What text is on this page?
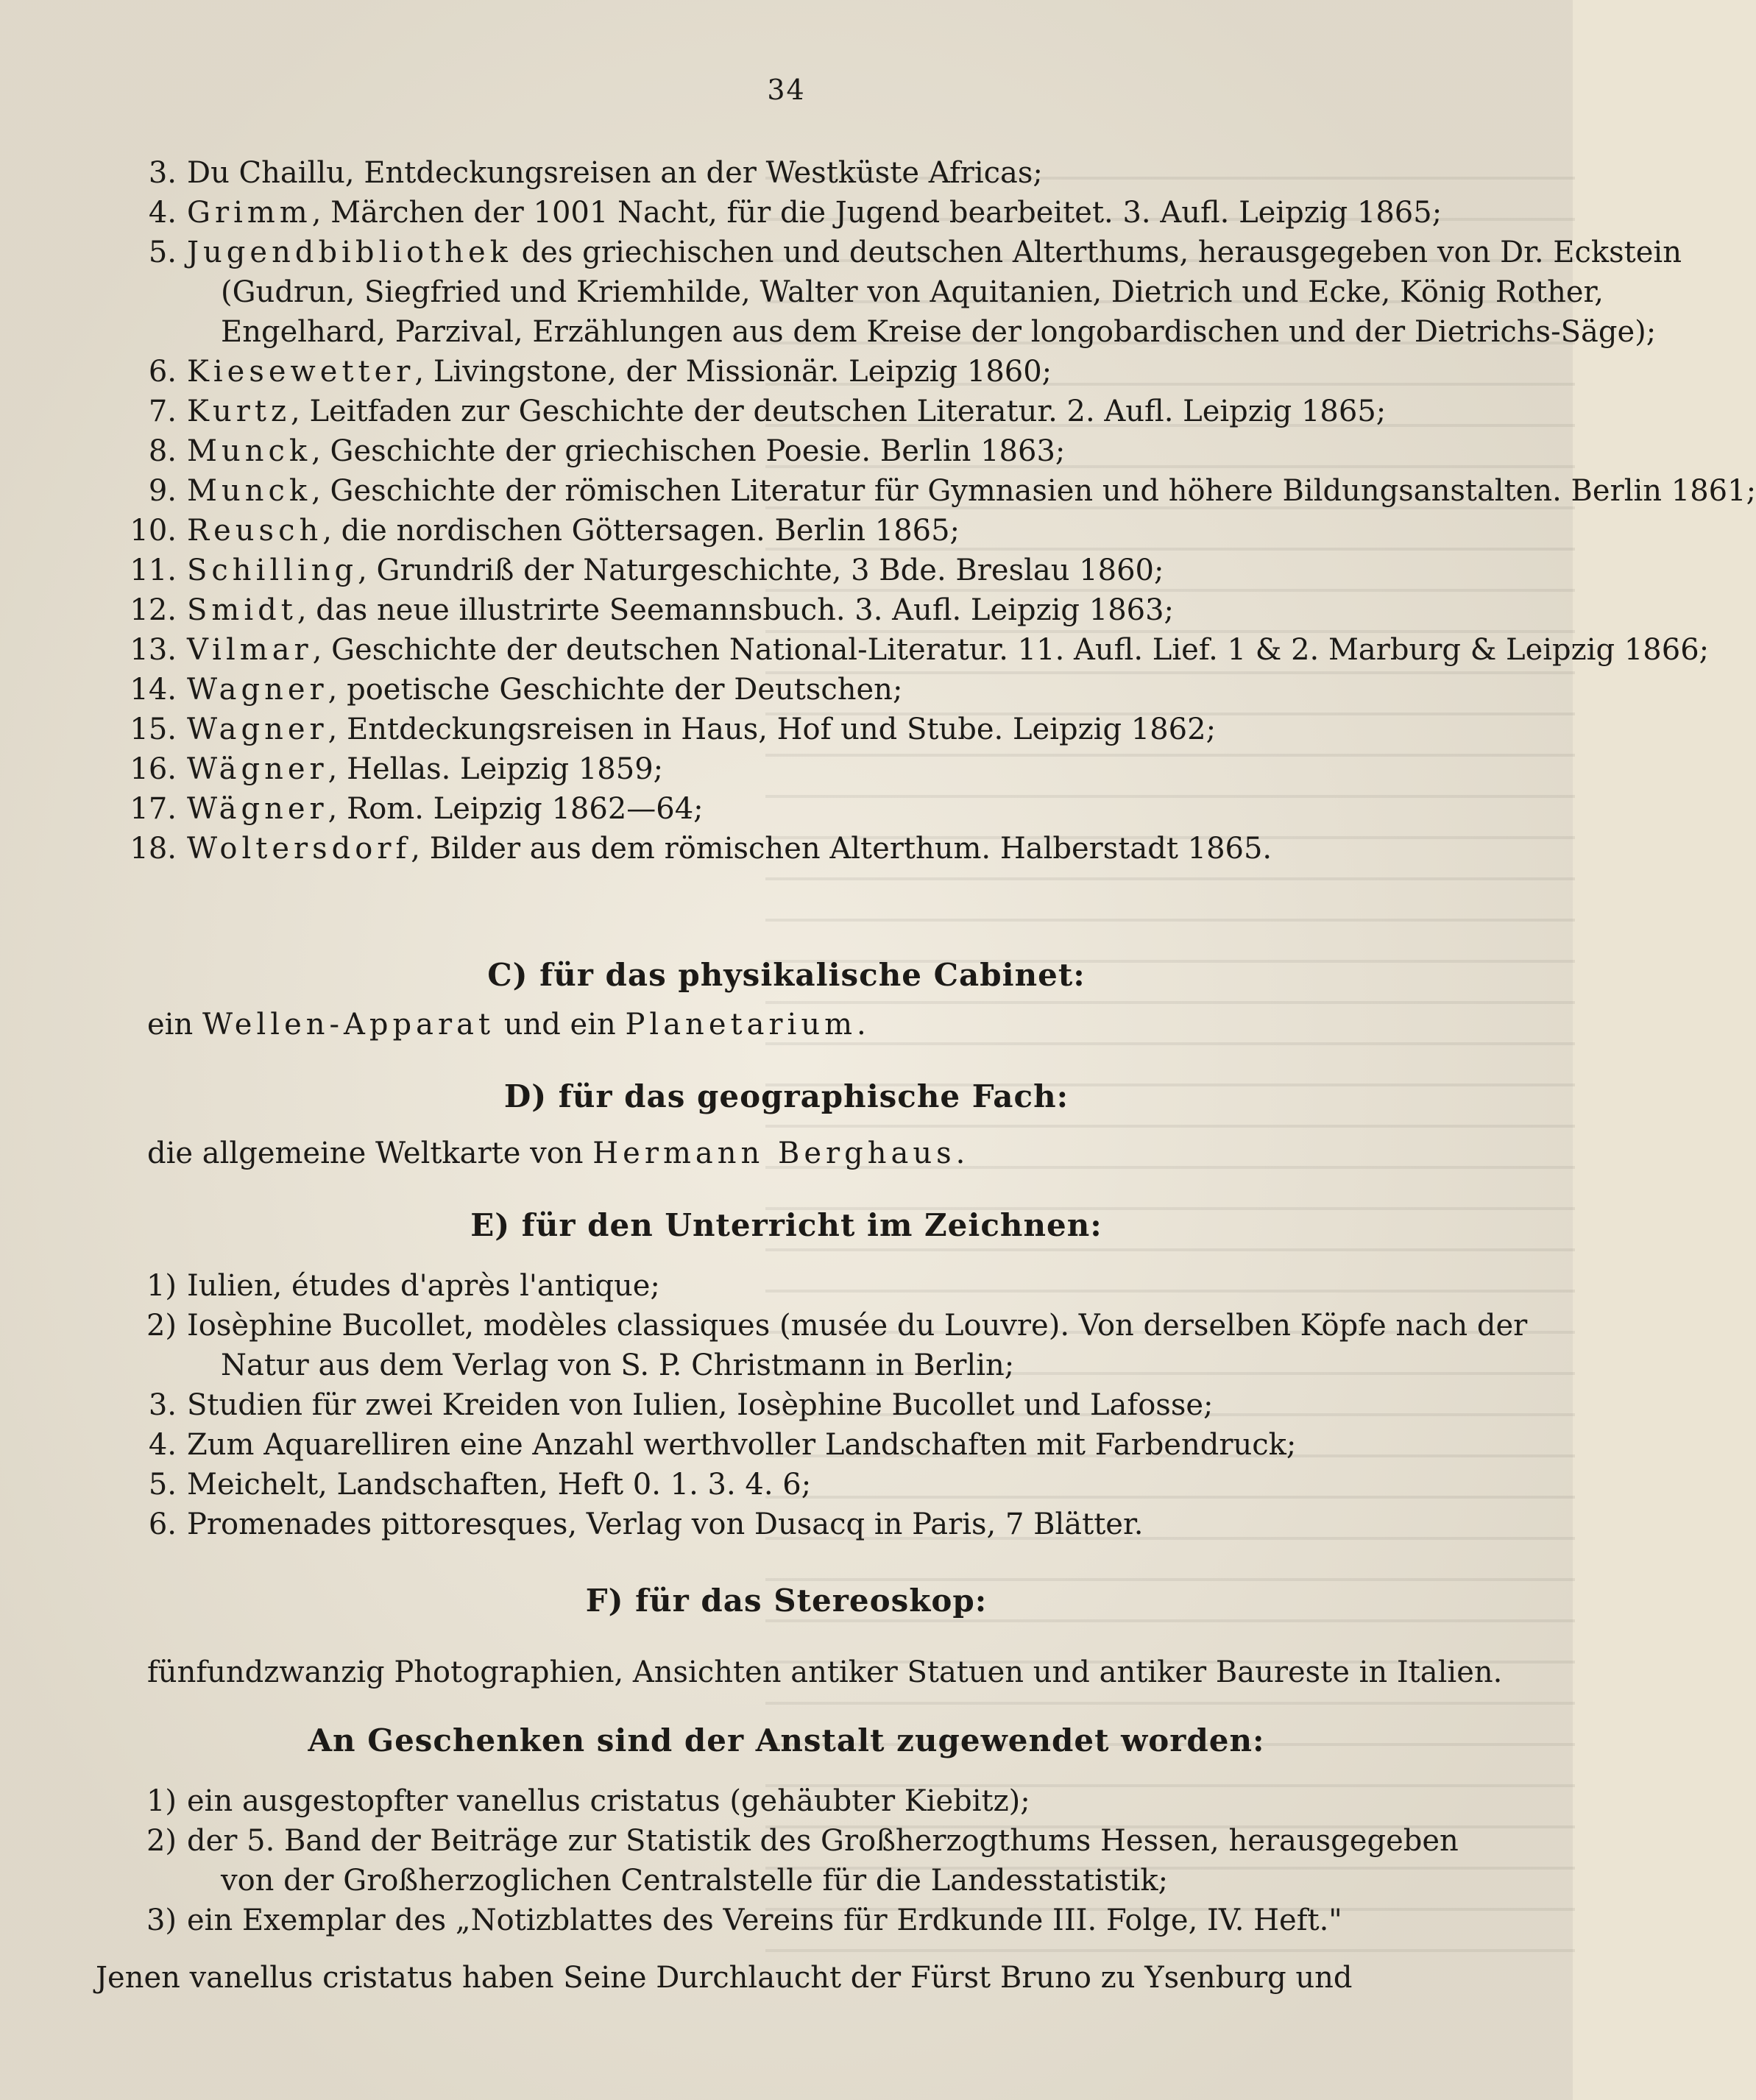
34
3. Du Chaillu, Entdeckungsreisen an der Westküste Africas;
4. Grimm, Märchen der 1001 Nacht, für die Jugend bearbeitet. 3. Aufl. Leipzig 1865;
5. Jugendbibliothek des griechischen und deutschen Alterthums, herausgegeben von Dr. Eckstein
(Gudrun, Siegfried und Kriemhilde, Walter von Aquitanien, Dietrich und Ecke, König Rother,
Engelhard, Parzival, Erzählungen aus dem Kreise der longobardischen und der Dietrichs-Säge);
6. Kiesewetter, Livingstone, der Missionär. Leipzig 1860;
7. Kurtz, Leitfaden zur Geschichte der deutschen Literatur. 2. Aufl. Leipzig 1865;
8. Munck, Geschichte der griechischen Poesie. Berlin 1863;
9. Munck, Geschichte der römischen Literatur für Gymnasien und höhere Bildungsanstalten. Berlin 1861;
10. Reusch, die nordischen Göttersagen. Berlin 1865;
11. Schilling, Grundriß der Naturgeschichte, 3 Bde. Breslau 1860;
12. Smidt, das neue illustrirte Seemannsbuch. 3. Aufl. Leipzig 1863;
13. Vilmar, Geschichte der deutschen National-Literatur. 11. Aufl. Lief. 1 & 2. Marburg & Leipzig 1866;
14. Wagner, poetische Geschichte der Deutschen;
15. Wagner, Entdeckungsreisen in Haus, Hof und Stube. Leipzig 1862;
16. Wägner, Hellas. Leipzig 1859;
17. Wägner, Rom. Leipzig 1862—64;
18. Woltersdorf, Bilder aus dem römischen Alterthum. Halberstadt 1865.
C) für das physikalische Cabinet:
ein Wellen-Apparat und ein Planetarium.
D) für das geographische Fach:
die allgemeine Weltkarte von Hermann Berghaus.
E) für den Unterricht im Zeichnen:
1) Iulien, études d'après l'antique;
2) Iosèphine Bucollet, modèles classiques (musée du Louvre). Von derselben Köpfe nach der
Natur aus dem Verlag von S. P. Christmann in Berlin;
3. Studien für zwei Kreiden von Iulien, Iosèphine Bucollet und Lafosse;
4. Zum Aquarelliren eine Anzahl werthvoller Landschaften mit Farbendruck;
5. Meichelt, Landschaften, Heft 0. 1. 3. 4. 6;
6. Promenades pittoresques, Verlag von Dusacq in Paris, 7 Blätter.
F) für das Stereoskop:
fünfundzwanzig Photographien, Ansichten antiker Statuen und antiker Baureste in Italien.
An Geschenken sind der Anstalt zugewendet worden:
1) ein ausgestopfter vanellus cristatus (gehäubter Kiebitz);
2) der 5. Band der Beiträge zur Statistik des Großherzogthums Hessen, herausgegeben
von der Großherzoglichen Centralstelle für die Landesstatistik;
3) ein Exemplar des „Notizblattes des Vereins für Erdkunde III. Folge, IV. Heft."
Jenen vanellus cristatus haben Seine Durchlaucht der Fürst Bruno zu Ysenburg und
